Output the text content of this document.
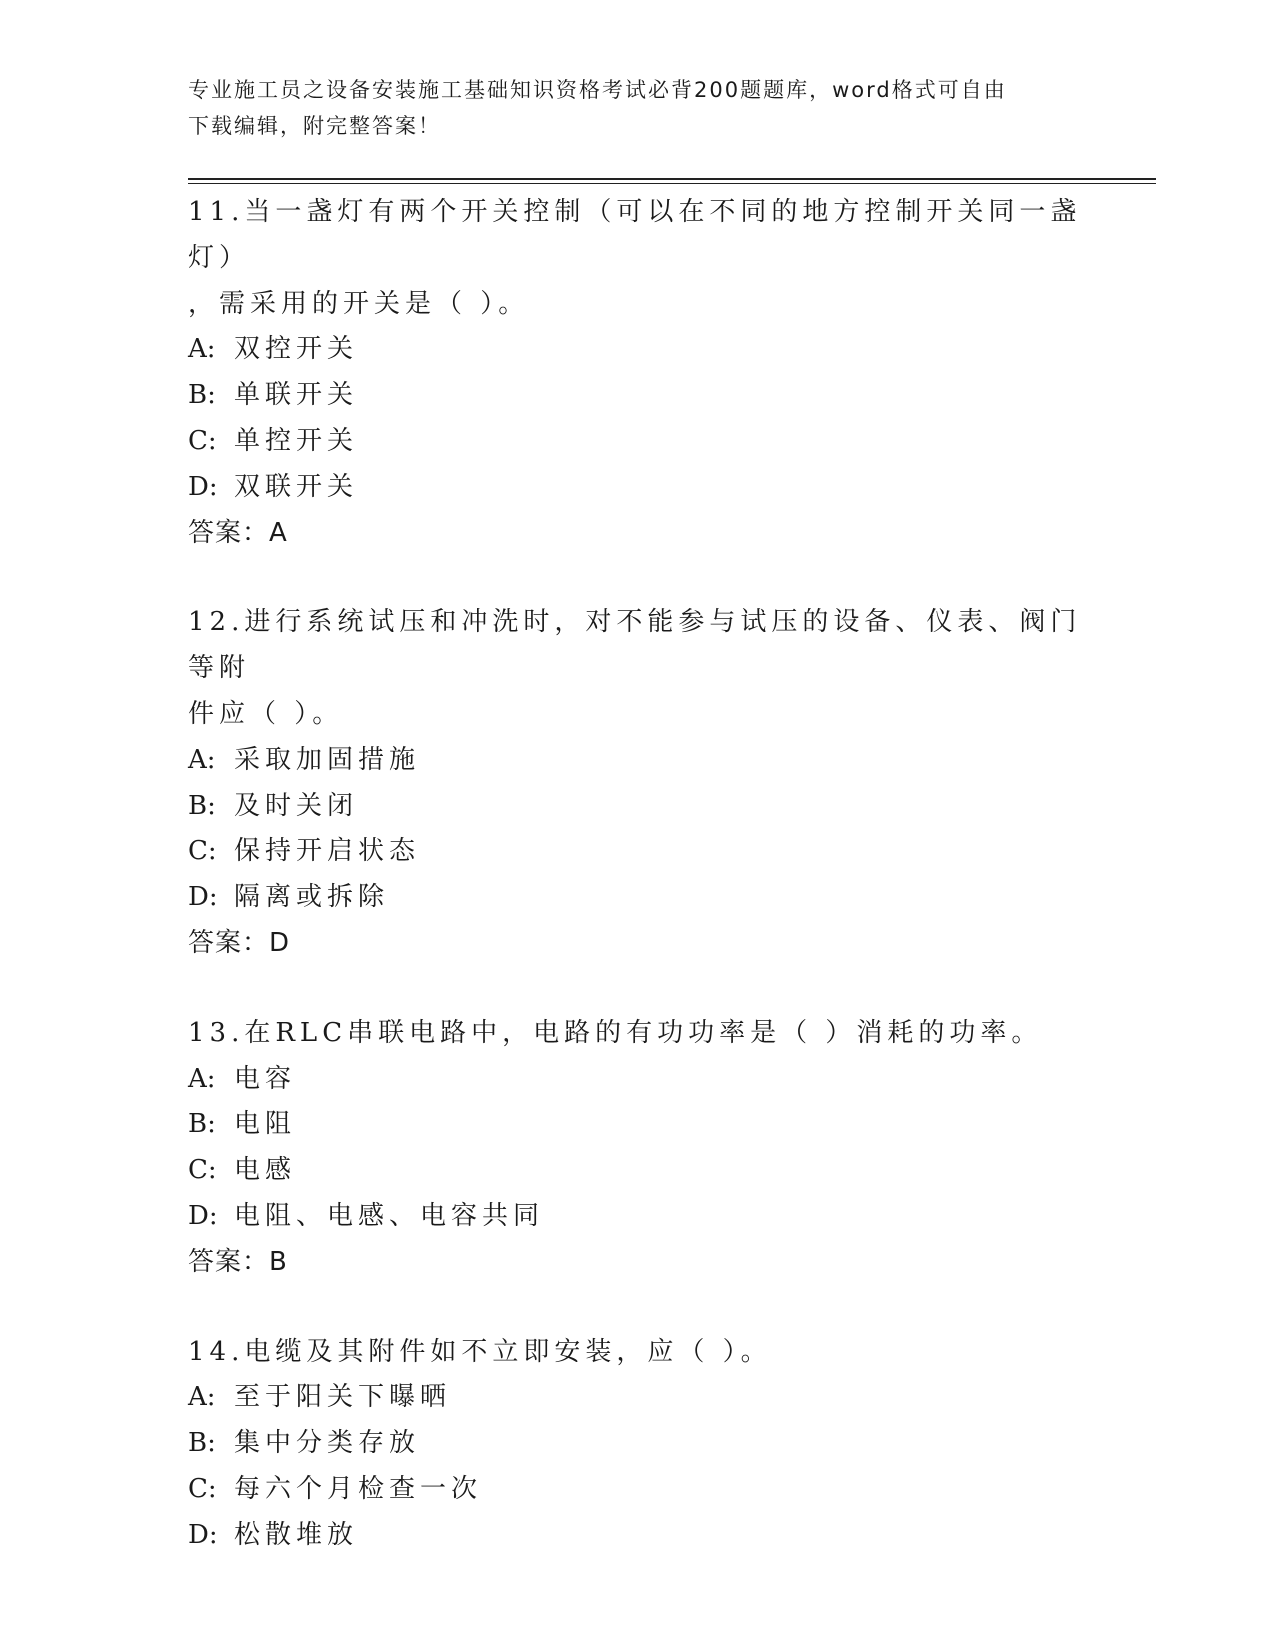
专业施工员之设备安装施工基础知识资格考试必背200题题库，word格式可自由
下载编辑，附完整答案！
11.当一盏灯有两个开关控制（可以在不同的地方控制开关同一盏灯）
，需采用的开关是（ ）。
A: 双控开关
B: 单联开关
C: 单控开关
D: 双联开关
答案：A
12.进行系统试压和冲洗时，对不能参与试压的设备、仪表、阀门等附
件应（ ）。
A: 采取加固措施
B: 及时关闭
C: 保持开启状态
D: 隔离或拆除
答案：D
13.在RLC串联电路中，电路的有功功率是（ ）消耗的功率。
A: 电容
B: 电阻
C: 电感
D: 电阻、电感、电容共同
答案：B
14.电缆及其附件如不立即安装，应（ ）。
A: 至于阳关下曝晒
B: 集中分类存放
C: 每六个月检查一次
D: 松散堆放
